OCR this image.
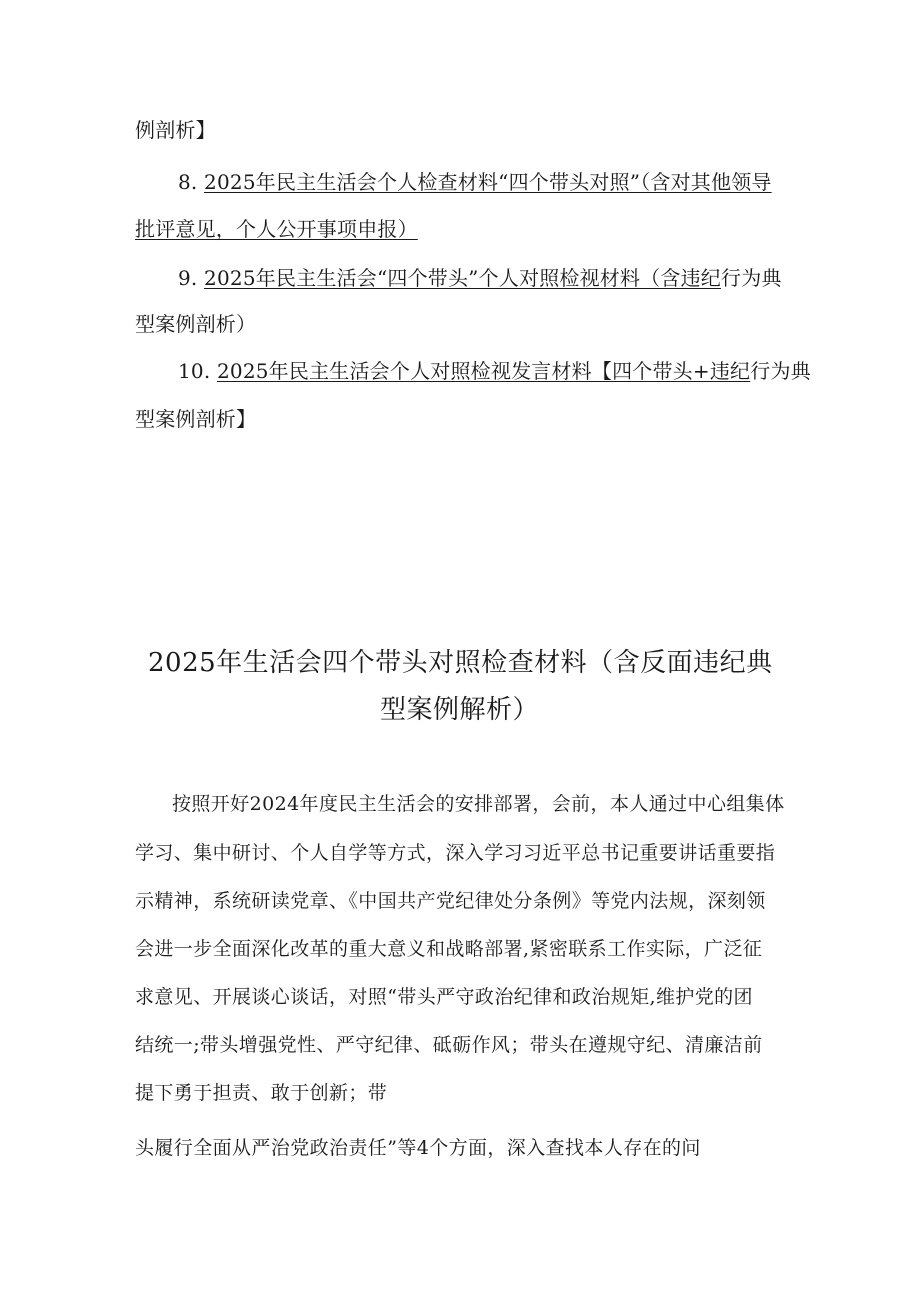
例剖析】
8. 2025年民主生活会个人检查材料“四个带头对照”（含对其他领导
批评意见，个人公开事项申报）
9. 2025年民主生活会“四个带头”个人对照检视材料（含违纪行为典
型案例剖析）
10. 2025年民主生活会个人对照检视发言材料【四个带头+违纪行为典
型案例剖析】
2025年生活会四个带头对照检查材料（含反面违纪典
型案例解析）
按照开好2024年度民主生活会的安排部署，会前，本人通过中心组集体
学习、集中研讨、个人自学等方式，深入学习习近平总书记重要讲话重要指
示精神，系统研读党章、《中国共产党纪律处分条例》等党内法规，深刻领
会进一步全面深化改革的重大意义和战略部署,紧密联系工作实际，广泛征
求意见、开展谈心谈话，对照“带头严守政治纪律和政治规矩,维护党的团
结统一;带头增强党性、严守纪律、砥砺作风；带头在遵规守纪、清廉洁前
提下勇于担责、敢于创新；带
头履行全面从严治党政治责任”等4个方面，深入查找本人存在的问
